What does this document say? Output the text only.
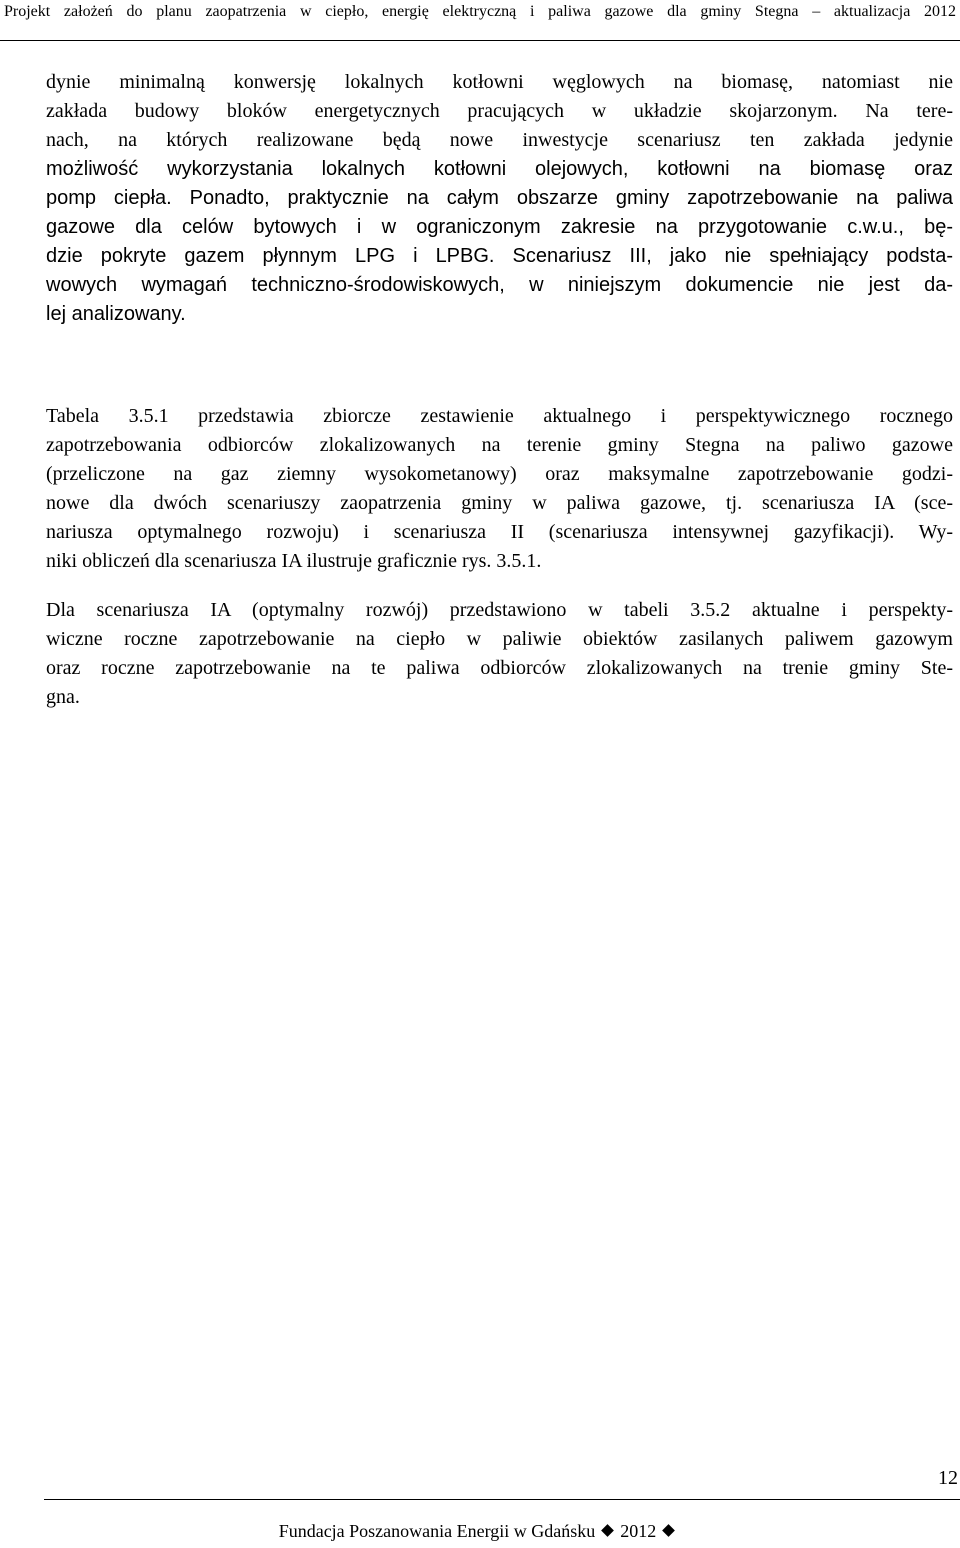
Projekt założeń do planu zaopatrzenia w ciepło, energię elektryczną i paliwa gazowe dla gminy Stegna – aktualizacja 2012
dynie minimalną konwersję lokalnych kotłowni węglowych na biomasę, natomiast nie
zakłada budowy bloków energetycznych pracujących w układzie skojarzonym. Na tere-
nach, na których realizowane będą nowe inwestycje scenariusz ten zakłada jedynie
możliwość wykorzystania lokalnych kotłowni olejowych, kotłowni na biomasę oraz
pomp ciepła. Ponadto, praktycznie na całym obszarze gminy zapotrzebowanie na paliwa
gazowe dla celów bytowych i w ograniczonym zakresie na przygotowanie c.w.u., bę-
dzie pokryte gazem płynnym LPG i LPBG. Scenariusz III, jako nie spełniający podsta-
wowych wymagań techniczno-środowiskowych, w niniejszym dokumencie nie jest da-
lej analizowany.
Tabela 3.5.1 przedstawia zbiorcze zestawienie aktualnego i perspektywicznego rocznego
zapotrzebowania odbiorców zlokalizowanych na terenie gminy Stegna na paliwo gazowe
(przeliczone na gaz ziemny wysokometanowy) oraz maksymalne zapotrzebowanie godzi-
nowe dla dwóch scenariuszy zaopatrzenia gminy w paliwa gazowe, tj. scenariusza IA (sce-
nariusza optymalnego rozwoju) i scenariusza II (scenariusza intensywnej gazyfikacji). Wy-
niki obliczeń dla scenariusza IA ilustruje graficznie rys. 3.5.1.
Dla scenariusza IA (optymalny rozwój) przedstawiono w tabeli 3.5.2 aktualne i perspekty-
wiczne roczne zapotrzebowanie na ciepło w paliwie obiektów zasilanych paliwem gazowym
oraz roczne zapotrzebowanie na te paliwa odbiorców zlokalizowanych na trenie gminy Ste-
gna.
12
Fundacja Poszanowania Energii w Gdańsku 2012
